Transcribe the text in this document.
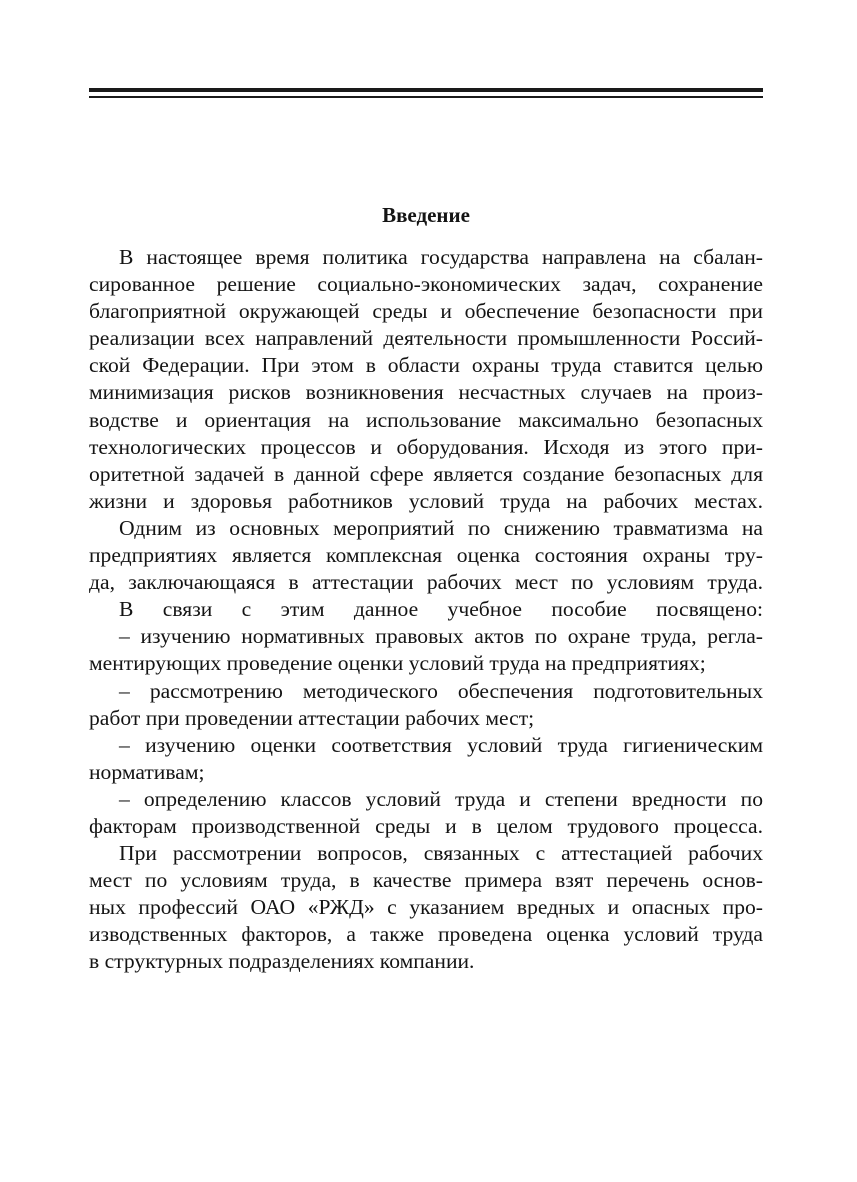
Введение
В настоящее время политика государства направлена на сбалан-
сированное решение социально-экономических задач, сохранение
благоприятной окружающей среды и обеспечение безопасности при
реализации всех направлений деятельности промышленности Россий-
ской Федерации. При этом в области охраны труда ставится целью
минимизация рисков возникновения несчастных случаев на произ-
водстве и ориентация на использование максимально безопасных
технологических процессов и оборудования. Исходя из этого при-
оритетной задачей в данной сфере является создание безопасных для
жизни и здоровья работников условий труда на рабочих местах.
Одним из основных мероприятий по снижению травматизма на
предприятиях является комплексная оценка состояния охраны тру-
да, заключающаяся в аттестации рабочих мест по условиям труда.
В связи с этим данное учебное пособие посвящено:
– изучению нормативных правовых актов по охране труда, регла-
ментирующих проведение оценки условий труда на предприятиях;
– рассмотрению методического обеспечения подготовительных
работ при проведении аттестации рабочих мест;
– изучению оценки соответствия условий труда гигиеническим
нормативам;
– определению классов условий труда и степени вредности по
факторам производственной среды и в целом трудового процесса.
При рассмотрении вопросов, связанных с аттестацией рабочих
мест по условиям труда, в качестве примера взят перечень основ-
ных профессий ОАО «РЖД» с указанием вредных и опасных про-
изводственных факторов, а также проведена оценка условий труда
в структурных подразделениях компании.
